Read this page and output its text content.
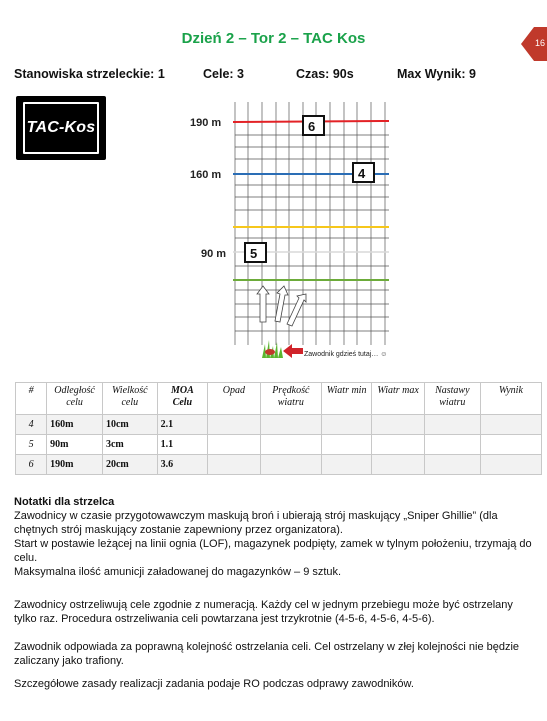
Dzień 2 – Tor 2 – TAC Kos	16
Stanowiska strzeleckie: 1	Cele: 3	Czas: 90s	Max Wynik: 9
TAC-Kos	190 m
160 m
90 m
6
4
5
Zawodnik gdzieś tutaj… ☺
#	Odległość celu	Wielkość celu	MOA Celu	Opad	Prędkość wiatru	Wiatr min	Wiatr max	Nastawy wiatru	Wynik
4	160m	10cm	2.1						
5	90m	3cm	1.1						
6	190m	20cm	3.6						

Notatki dla strzelca

Zawodnicy w czasie przygotowawczym maskują broń i ubierają strój maskujący „Sniper Ghillie” (dla chętnych strój maskujący zostanie zapewniony przez organizatora).

Start w postawie leżącej na linii ognia (LOF), magazynek podpięty, zamek w tylnym położeniu, trzymają do celu.

Maksymalna ilość amunicji załadowanej do magazynków – 9 sztuk.

Zawodnicy ostrzeliwują cele zgodnie z numeracją. Każdy cel w jednym przebiegu może być ostrzelany tylko raz. Procedura ostrzeliwania celi powtarzana jest trzykrotnie (4-5-6, 4-5-6, 4-5-6).

Zawodnik odpowiada za poprawną kolejność ostrzelania celi. Cel ostrzelany w złej kolejności nie będzie zaliczany jako trafiony.

Szczegółowe zasady realizacji zadania podaje RO podczas odprawy zawodników.
